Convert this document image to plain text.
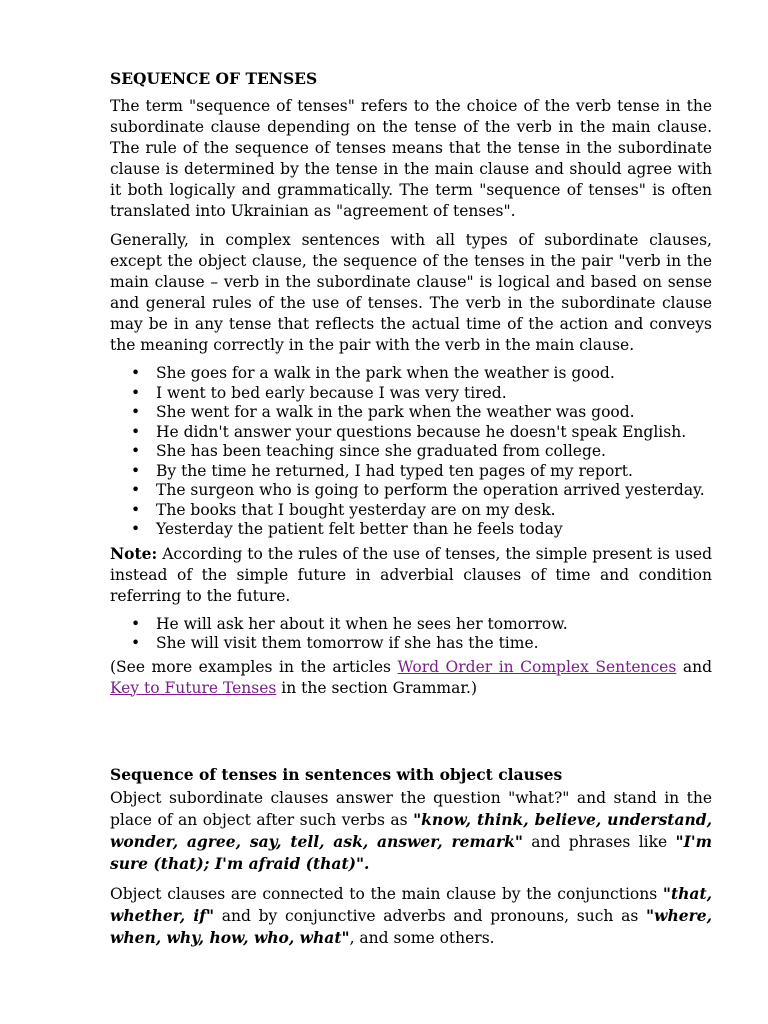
SEQUENCE OF TENSES

The term "sequence of tenses" refers to the choice of the verb tense in the subordinate clause depending on the tense of the verb in the main clause. The rule of the sequence of tenses means that the tense in the subordinate clause is determined by the tense in the main clause and should agree with it both logically and grammatically. The term "sequence of tenses" is often translated into Ukrainian as "agreement of tenses".

Generally, in complex sentences with all types of subordinate clauses, except the object clause, the sequence of the tenses in the pair "verb in the main clause – verb in the subordinate clause" is logical and based on sense and general rules of the use of tenses. The verb in the subordinate clause may be in any tense that reflects the actual time of the action and conveys the meaning correctly in the pair with the verb in the main clause.

• She goes for a walk in the park when the weather is good.
• I went to bed early because I was very tired.
• She went for a walk in the park when the weather was good.
• He didn't answer your questions because he doesn't speak English.
• She has been teaching since she graduated from college.
• By the time he returned, I had typed ten pages of my report.
• The surgeon who is going to perform the operation arrived yesterday.
• The books that I bought yesterday are on my desk.
• Yesterday the patient felt better than he feels today

Note: According to the rules of the use of tenses, the simple present is used instead of the simple future in adverbial clauses of time and condition referring to the future.

• He will ask her about it when he sees her tomorrow.
• She will visit them tomorrow if she has the time.

(See more examples in the articles Word Order in Complex Sentences and Key to Future Tenses in the section Grammar.)

Sequence of tenses in sentences with object clauses

Object subordinate clauses answer the question "what?" and stand in the place of an object after such verbs as "know, think, believe, understand, wonder, agree, say, tell, ask, answer, remark" and phrases like "I'm sure (that); I'm afraid (that)".

Object clauses are connected to the main clause by the conjunctions "that, whether, if" and by conjunctive adverbs and pronouns, such as "where, when, why, how, who, what", and some others.
